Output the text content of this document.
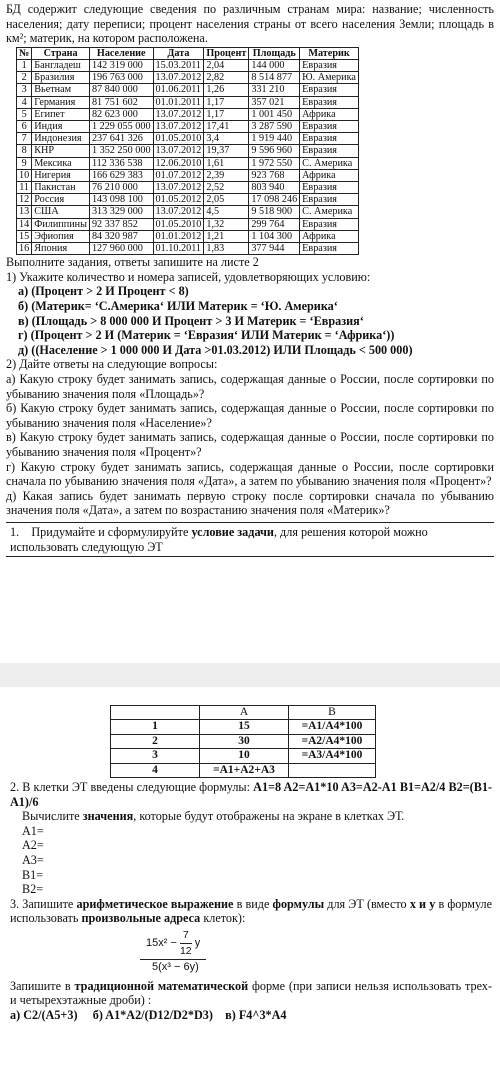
БД содержит следующие сведения по различным странам мира: название; численность населения; дату переписи; процент населения страны от всего населения Земли; площадь в км²; материк, на котором расположена.

№	Страна	Население	Дата	Процент	Площадь	Материк
1	Бангладеш	142 319 000	15.03.2011	2,04	144 000	Евразия
2	Бразилия	196 763 000	13.07.2012	2,82	8 514 877	Ю. Америка
3	Вьетнам	87 840 000	01.06.2011	1,26	331 210	Евразия
4	Германия	81 751 602	01.01.2011	1,17	357 021	Евразия
5	Египет	82 623 000	13.07.2012	1,17	1 001 450	Африка
6	Индия	1 229 055 000	13.07.2012	17,41	3 287 590	Евразия
7	Индонезия	237 641 326	01.05.2010	3,4	1 919 440	Евразия
8	КНР	1 352 250 000	13.07.2012	19,37	9 596 960	Евразия
9	Мексика	112 336 538	12.06.2010	1,61	1 972 550	С. Америка
10	Нигерия	166 629 383	01.07.2012	2,39	923 768	Африка
11	Пакистан	76 210 000	13.07.2012	2,52	803 940	Евразия
12	Россия	143 098 100	01.05.2012	2,05	17 098 246	Евразия
13	США	313 329 000	13.07.2012	4,5	9 518 900	С. Америка
14	Филиппины	92 337 852	01.05.2010	1,32	299 764	Евразия
15	Эфиопия	84 320 987	01.01.2012	1,21	1 104 300	Африка
16	Япония	127 960 000	01.10.2011	1,83	377 944	Евразия

Выполните задания, ответы запишите на листе 2

1) Укажите количество и номера записей, удовлетворяющих условию:

а) (Процент > 2 И Процент < 8)

б) (Материк= ‘С.Америка‘ ИЛИ Материк = ‘Ю. Америка‘

в) (Площадь > 8 000 000 И Процент > 3 И Материк = ‘Евразия‘

г) (Процент > 2 И (Материк = ‘Евразия‘ ИЛИ Материк = ‘Африка‘))

д) ((Население > 1 000 000 И Дата >01.03.2012) ИЛИ Площадь < 500 000)

2) Дайте ответы на следующие вопросы:

а) Какую строку будет занимать запись, содержащая данные о России, после сортировки по убыванию значения поля «Площадь»?

б) Какую строку будет занимать запись, содержащая данные о России, после сортировки по убыванию значения поля «Население»?

в) Какую строку будет занимать запись, содержащая данные о России, после сортировки по убыванию значения поля «Процент»?

г) Какую строку будет занимать запись, содержащая данные о России, после сортировки сначала по убыванию значения поля «Дата», а затем по убыванию значения поля «Процент»?

д) Какая запись будет занимать первую строку после сортировки сначала по убыванию значения поля «Дата», а затем по возрастанию значения поля «Материк»?

1. Придумайте и сформулируйте условие задачи, для решения которой можно использовать следующую ЭТ
	A	B
1	15	=A1/A4*100
2	30	=A2/A4*100
3	10	=A3/A4*100
4	=A1+A2+A3	

2. В клетки ЭТ введены следующие формулы: A1=8 A2=A1*10 A3=A2-A1 B1=A2/4 B2=(B1-A1)/6

Вычислите значения, которые будут отображены на экране в клетках ЭТ.

A1=
A2=
A3=
B1=
B2=

3. Запишите арифметическое выражение в виде формулы для ЭТ (вместо x и y в формуле использовать произвольные адреса клеток):

$15x^2 - \frac{7}{12}$ y
5(x³ − 6y)

Запишите в традиционной математической форме (при записи нельзя использовать трех- и четырехэтажные дроби) :

а) C2/(A5+3) б) A1*A2/(D12/D2*D3) в) F4^3*A4
